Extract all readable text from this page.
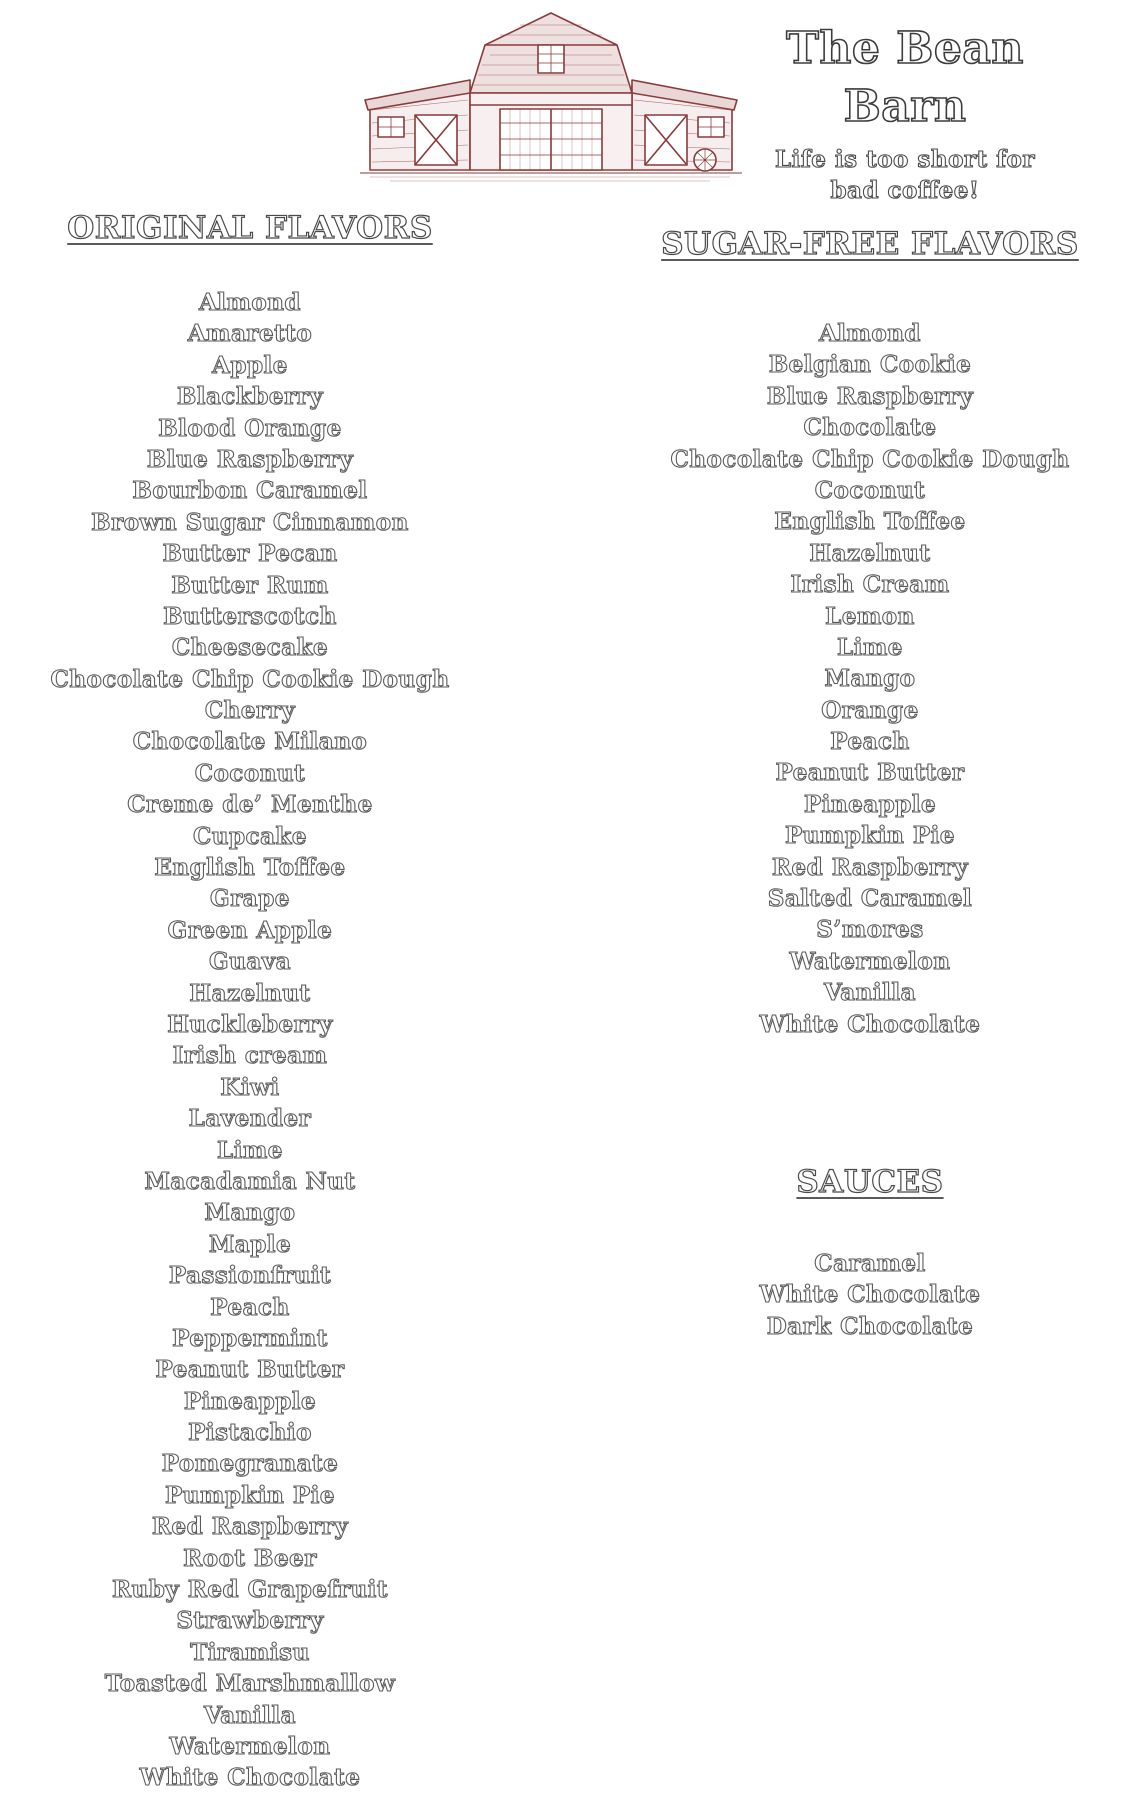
The Bean Barn
Life is too short for bad coffee!
ORIGINAL FLAVORS
Almond
Amaretto
Apple
Blackberry
Blood Orange
Blue Raspberry
Bourbon Caramel
Brown Sugar Cinnamon
Butter Pecan
Butter Rum
Butterscotch
Cheesecake
Chocolate Chip Cookie Dough
Cherry
Chocolate Milano
Coconut
Creme de’ Menthe
Cupcake
English Toffee
Grape
Green Apple
Guava
Hazelnut
Huckleberry
Irish cream
Kiwi
Lavender
Lime
Macadamia Nut
Mango
Maple
Passionfruit
Peach
Peppermint
Peanut Butter
Pineapple
Pistachio
Pomegranate
Pumpkin Pie
Red Raspberry
Root Beer
Ruby Red Grapefruit
Strawberry
Tiramisu
Toasted Marshmallow
Vanilla
Watermelon
White Chocolate
SUGAR-FREE FLAVORS
Almond
Belgian Cookie
Blue Raspberry
Chocolate
Chocolate Chip Cookie Dough
Coconut
English Toffee
Hazelnut
Irish Cream
Lemon
Lime
Mango
Orange
Peach
Peanut Butter
Pineapple
Pumpkin Pie
Red Raspberry
Salted Caramel
S’mores
Watermelon
Vanilla
White Chocolate
SAUCES
Caramel
White Chocolate
Dark Chocolate
